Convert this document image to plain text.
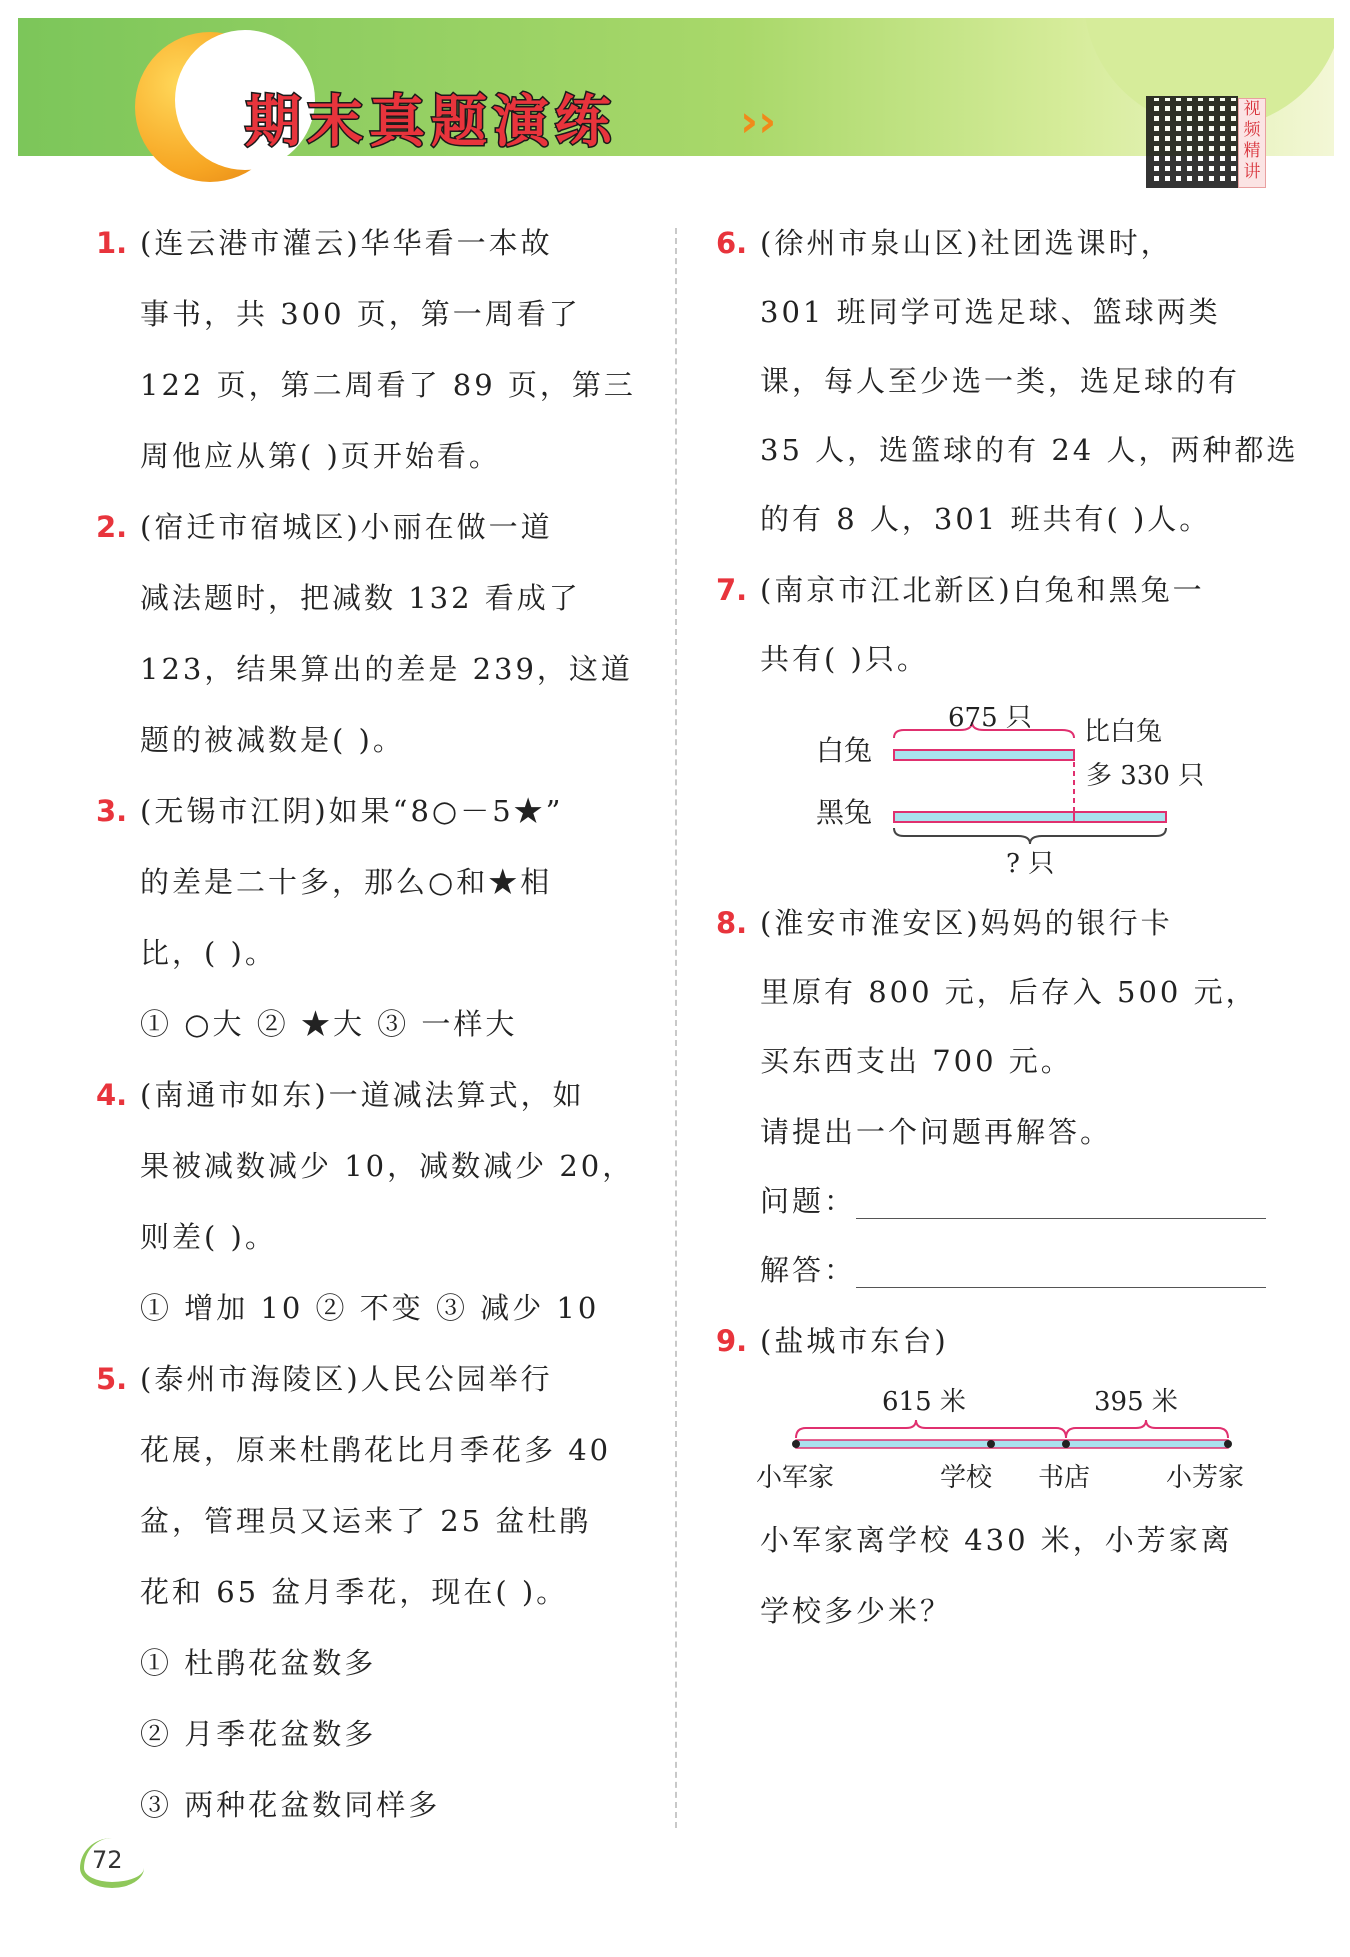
期末真题演练	››	视频精讲
1. (连云港市灌云)华华看一本故
事书，共 300 页，第一周看了
122 页，第二周看了 89 页，第三
周他应从第( )页开始看。
2. (宿迁市宿城区)小丽在做一道
减法题时，把减数 132 看成了
123，结果算出的差是 239，这道
题的被减数是( )。
3. (无锡市江阴)如果“8○－5★”
的差是二十多，那么○和★相
比，( )。
① ○大 ② ★大 ③ 一样大
4. (南通市如东)一道减法算式，如
果被减数减少 10，减数减少 20，
则差( )。
① 增加 10 ② 不变 ③ 减少 10
5. (泰州市海陵区)人民公园举行
花展，原来杜鹃花比月季花多 40
盆，管理员又运来了 25 盆杜鹃
花和 65 盆月季花，现在( )。
① 杜鹃花盆数多
② 月季花盆数多
③ 两种花盆数同样多
6. (徐州市泉山区)社团选课时，
301 班同学可选足球、篮球两类
课，每人至少选一类，选足球的有
35 人，选篮球的有 24 人，两种都选
的有 8 人，301 班共有( )人。
7. (南京市江北新区)白兔和黑兔一
共有( )只。
675 只
白兔
比白兔
多 330 只
黑兔
? 只
8. (淮安市淮安区)妈妈的银行卡
里原有 800 元，后存入 500 元，
买东西支出 700 元。
请提出一个问题再解答。
问题：
解答：
9. (盐城市东台)
615 米	395 米
小军家	学校 书店	小芳家
小军家离学校 430 米，小芳家离
学校多少米？
72
